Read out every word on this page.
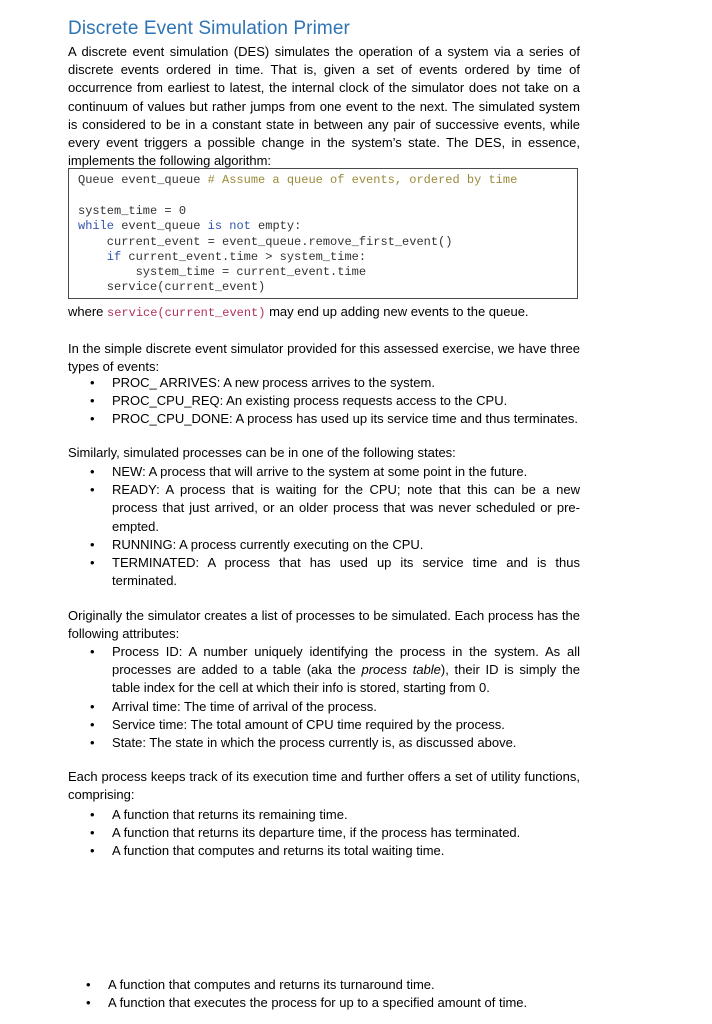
Discrete Event Simulation Primer

A discrete event simulation (DES) simulates the operation of a system via a series of discrete events ordered in time. That is, given a set of events ordered by time of occurrence from earliest to latest, the internal clock of the simulator does not take on a continuum of values but rather jumps from one event to the next. The simulated system is considered to be in a constant state in between any pair of successive events, while every event triggers a possible change in the system’s state. The DES, in essence, implements the following algorithm:

Queue event_queue # Assume a queue of events, ordered by time
system_time = 0
while event_queue is not empty:
current_event = event_queue.remove_first_event()
if current_event.time > system_time:
system_time = current_event.time
service(current_event)
where service(current_event) may end up adding new events to the queue.

In the simple discrete event simulator provided for this assessed exercise, we have three types of events:

• PROC_ ARRIVES: A new process arrives to the system.
• PROC_CPU_REQ: An existing process requests access to the CPU.
• PROC_CPU_DONE: A process has used up its service time and thus terminates.

Similarly, simulated processes can be in one of the following states:

• NEW: A process that will arrive to the system at some point in the future.
• READY: A process that is waiting for the CPU; note that this can be a new process that just arrived, or an older process that was never scheduled or pre-empted.
• RUNNING: A process currently executing on the CPU.
• TERMINATED: A process that has used up its service time and is thus terminated.

Originally the simulator creates a list of processes to be simulated. Each process has the following attributes:

• Process ID: A number uniquely identifying the process in the system. As all processes are added to a table (aka the process table), their ID is simply the table index for the cell at which their info is stored, starting from 0.
• Arrival time: The time of arrival of the process.
• Service time: The total amount of CPU time required by the process.
• State: The state in which the process currently is, as discussed above.

Each process keeps track of its execution time and further offers a set of utility functions, comprising:

• A function that returns its remaining time.
• A function that returns its departure time, if the process has terminated.
• A function that computes and returns its total waiting time.
• A function that computes and returns its turnaround time.
• A function that executes the process for up to a specified amount of time.
